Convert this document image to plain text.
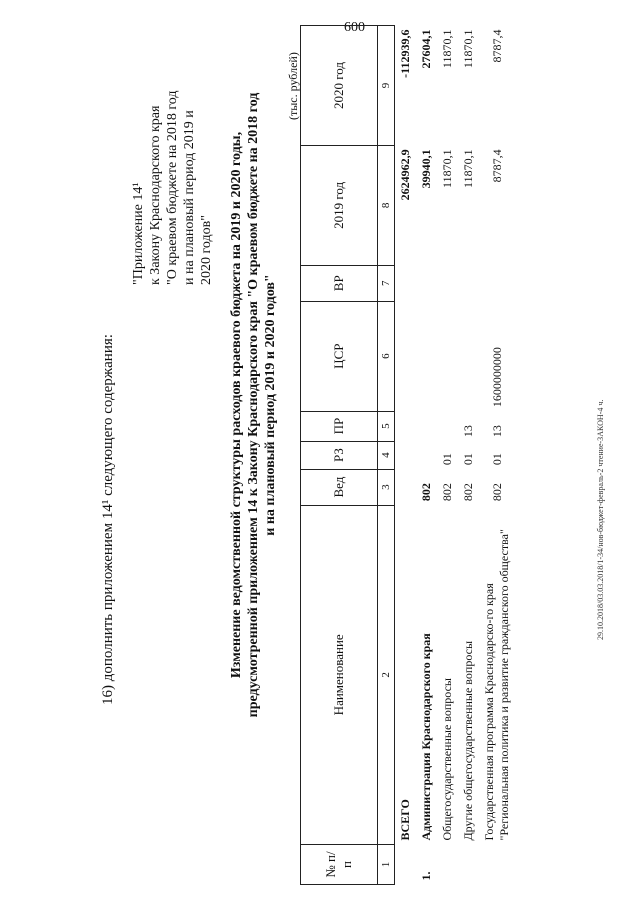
600
29.10.2018/03.03.2018/1-34/нов-бюджет-февраль-2 чтение-ЗАКОН-4 ч.
16) дополнить приложением 14¹ следующего содержания:
"Приложение 14¹ к Закону Краснодарского края "О краевом бюджете на 2018 год и на плановый период 2019 и 2020 годов" Изменение ведомственной структуры расходов краевого бюджета на 2019 и 2020 годы, предусмотренной приложением 14 к Закону Краснодарского края "О краевом бюджете на 2018 год и на плановый период 2019 и 2020 годов"
(тыс. рублей)
№ п/п	Наименование	Вед	РЗ	ПР	ЦСР	ВР	2019 год	2020 год
1	2	3	4	5	6	7	8	9
	ВСЕГО						2624962,9	-112939,6
1.	Администрация Краснодарского края	802					39940,1	27604,1
	Общегосударственные вопросы	802	01				11870,1	11870,1
	Другие общегосударственные вопросы	802	01	13			11870,1	11870,1
	Государственная программа Краснодарско-го края "Региональная политика и развитие гражданского общества"	802	01	13	1600000000		8787,4	8787,4
